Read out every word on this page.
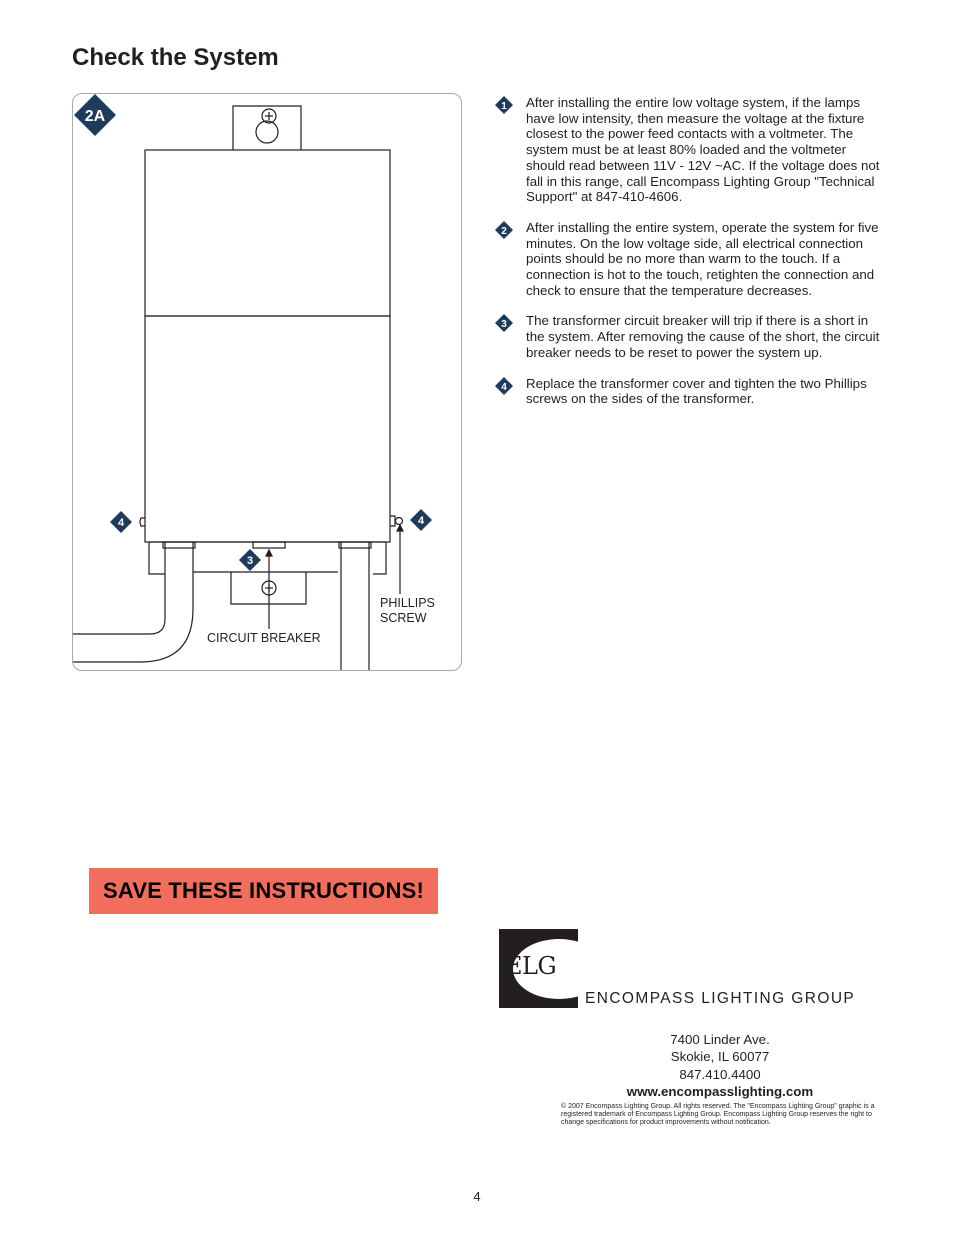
Check the System
2A
4	4
3
PHILLIPS
SCREW
CIRCUIT BREAKER
1 After installing the entire low voltage system, if the lamps have low intensity, then measure the voltage at the fixture closest to the power feed contacts with a voltmeter. The system must be at least 80% loaded and the voltmeter should read between 11V - 12V ~AC. If the voltage does not fall in this range, call Encompass Lighting Group "Technical Support" at 847-410-4606.
2 After installing the entire system, operate the system for five minutes. On the low voltage side, all electrical connection points should be no more than warm to the touch. If a connection is hot to the touch, retighten the connection and check to ensure that the temperature decreases.
3 The transformer circuit breaker will trip if there is a short in the system. After removing the cause of the short, the circuit breaker needs to be reset to power the system up.
4 Replace the transformer cover and tighten the two Phillips screws on the sides of the transformer.
SAVE THESE INSTRUCTIONS!
ELG
ENCOMPASS LIGHTING GROUP
7400 Linder Ave.
Skokie, IL 60077
847.410.4400
www.encompasslighting.com
© 2007 Encompass Lighting Group. All rights reserved. The "Encompass Lighting Group" graphic is a registered trademark of Encompass Lighting Group. Encompass Lighting Group reserves the right to change specifications for product improvements without notification.
4
